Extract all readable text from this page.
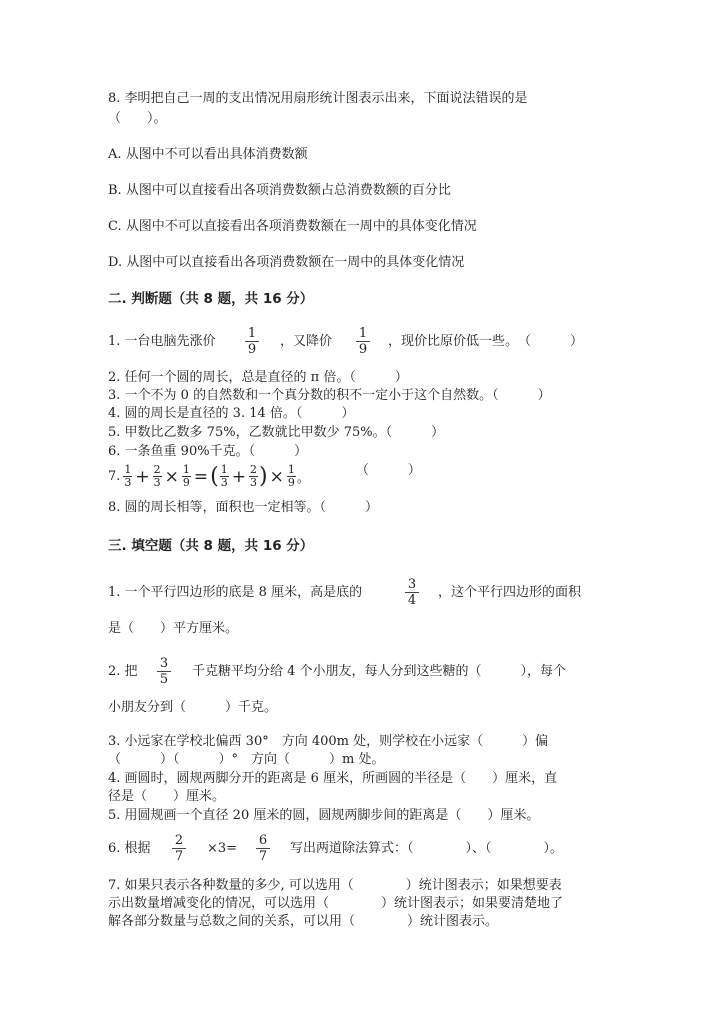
8. 李明把自己一周的支出情况用扇形统计图表示出来，下面说法错误的是
（　　）。
A. 从图中不可以看出具体消费数额
B. 从图中可以直接看出各项消费数额占总消费数额的百分比
C. 从图中不可以直接看出各项消费数额在一周中的具体变化情况
D. 从图中可以直接看出各项消费数额在一周中的具体变化情况
二. 判断题（共 8 题，共 16 分）
1. 一台电脑先涨价 $\frac{1}{9}$ ，又降价 $\frac{1}{9}$ ，现价比原价低一些。　（　　　）
2. 任何一个圆的周长，总是直径的 π 倍。（　　　）
3. 一个不为 0 的自然数和一个真分数的积不一定小于这个自然数。（　　　）
4. 圆的周长是直径的 3. 14 倍。（　　　）
5. 甲数比乙数多 75%，乙数就比甲数少 75%。（　　　）
6. 一条鱼重 90%千克。（　　　）
7. 1
$3 + \frac{2}{3} \times \frac{1}{9}$ = ( 1
$3 + \frac{2}{3}$ ) × $\frac{1}{9}$ 。
（　　　）
8. 圆的周长相等，面积也一定相等。（　　　）
三. 填空题（共 8 题，共 16 分）
1. 一个平行四边形的底是 8 厘米，高是底的	$\frac{3}{4}$ ，这个平行四边形的面积
是（　　）平方厘米。
2. 把 $\frac{3}{5}$ 千克糖平均分给 4 个小朋友，每人分到这些糖的（　　　），每个
小朋友分到（　　　）千克。
3. 小远家在学校北偏西 30°　方向 400m 处，则学校在小远家（　　　）偏
（　　　）（　　　）°　方向（　　　）m 处。
4. 画圆时，圆规两脚分开的距离是 6 厘米，所画圆的半径是（　　）厘米，直
径是（　　）厘米。
5. 用圆规画一个直径 20 厘米的圆，圆规两脚步间的距离是（　　）厘米。
6. 根据 $\frac{2}{7} \times 3= \frac{6}{7}$ 写出两道除法算式：（　　　　）、（　　　　）。
7. 如果只表示各种数量的多少, 可以选用（　　　　）统计图表示；如果想要表
示出数量增减变化的情况，可以选用（　　　　）统计图表示；如果要清楚地了
解各部分数量与总数之间的关系，可以用（　　　　）统计图表示。
